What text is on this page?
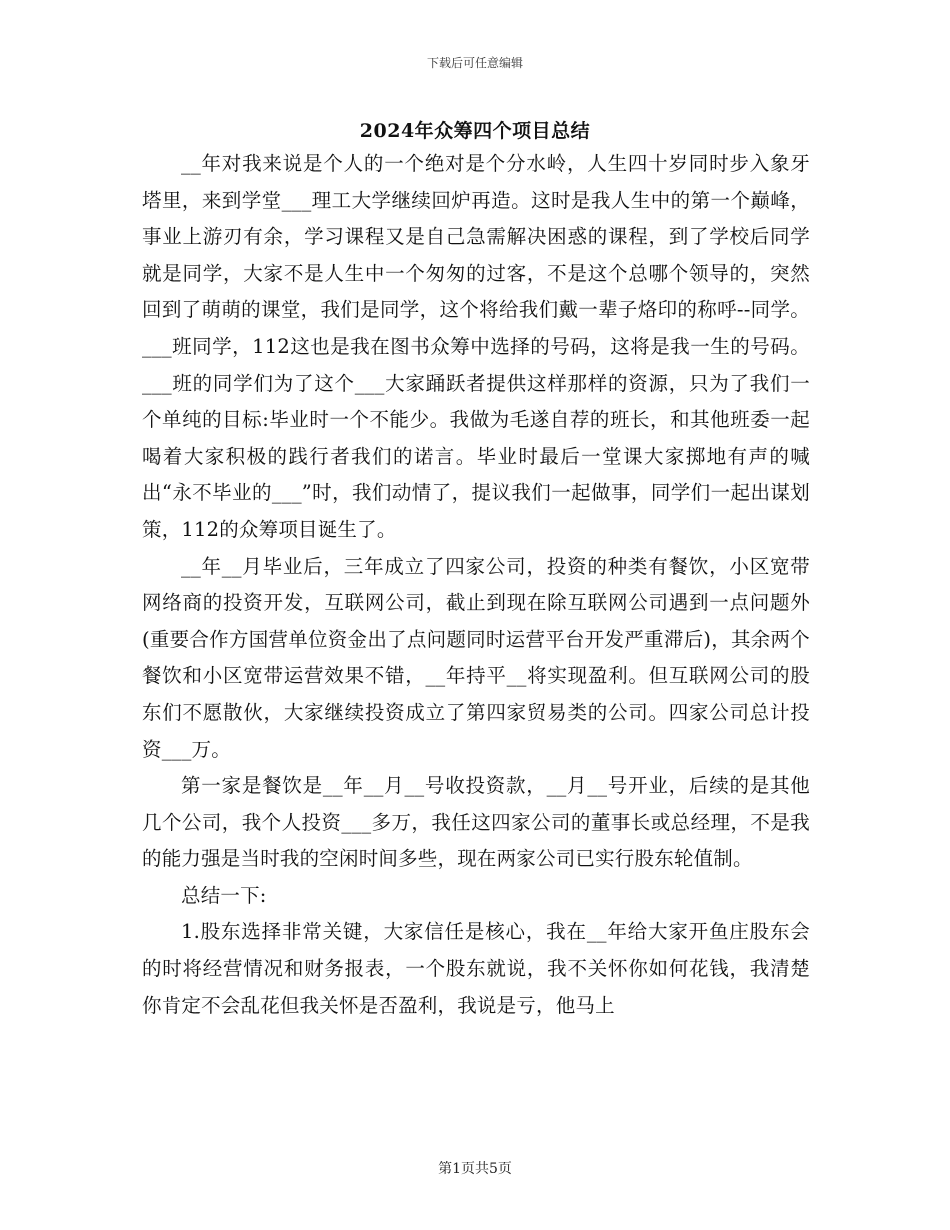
下载后可任意编辑
2024年众筹四个项目总结

__年对我来说是个人的一个绝对是个分水岭，人生四十岁同时步入象牙塔里，来到学堂___理工大学继续回炉再造。这时是我人生中的第一个巅峰，事业上游刃有余，学习课程又是自己急需解决困惑的课程，到了学校后同学就是同学，大家不是人生中一个匆匆的过客，不是这个总哪个领导的，突然回到了萌萌的课堂，我们是同学，这个将给我们戴一辈子烙印的称呼--同学。___班同学，112这也是我在图书众筹中选择的号码，这将是我一生的号码。___班的同学们为了这个___大家踊跃者提供这样那样的资源，只为了我们一个单纯的目标:毕业时一个不能少。我做为毛遂自荐的班长，和其他班委一起喝着大家积极的践行者我们的诺言。毕业时最后一堂课大家掷地有声的喊出“永不毕业的___”时，我们动情了，提议我们一起做事，同学们一起出谋划策，112的众筹项目诞生了。

__年__月毕业后，三年成立了四家公司，投资的种类有餐饮，小区宽带网络商的投资开发，互联网公司，截止到现在除互联网公司遇到一点问题外(重要合作方国营单位资金出了点问题同时运营平台开发严重滞后)，其余两个餐饮和小区宽带运营效果不错，__年持平__将实现盈利。但互联网公司的股东们不愿散伙，大家继续投资成立了第四家贸易类的公司。四家公司总计投资___万。

第一家是餐饮是__年__月__号收投资款，__月__号开业，后续的是其他几个公司，我个人投资___多万，我任这四家公司的董事长或总经理，不是我的能力强是当时我的空闲时间多些，现在两家公司已实行股东轮值制。

总结一下:

1.股东选择非常关键，大家信任是核心，我在__年给大家开鱼庄股东会的时将经营情况和财务报表，一个股东就说，我不关怀你如何花钱，我清楚你肯定不会乱花但我关怀是否盈利，我说是亏，他马上

第1页共5页
